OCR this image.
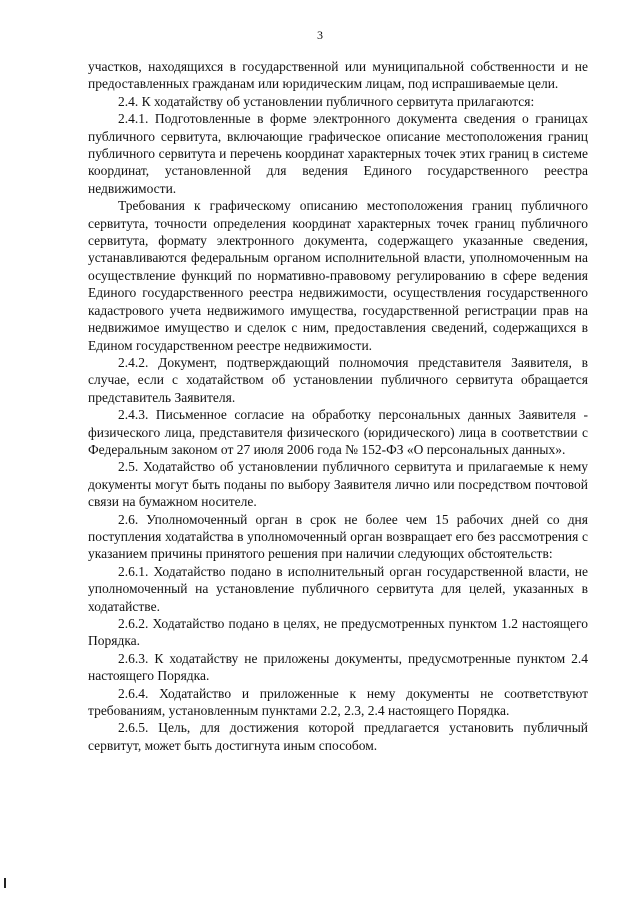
3

участков, находящихся в государственной или муниципальной собственности и не предоставленных гражданам или юридическим лицам, под испрашиваемые цели.

2.4. К ходатайству об установлении публичного сервитута прилагаются:

2.4.1. Подготовленные в форме электронного документа сведения о границах публичного сервитута, включающие графическое описание местоположения границ публичного сервитута и перечень координат характерных точек этих границ в системе координат, установленной для ведения Единого государственного реестра недвижимости.

Требования к графическому описанию местоположения границ публичного сервитута, точности определения координат характерных точек границ публичного сервитута, формату электронного документа, содержащего указанные сведения, устанавливаются федеральным органом исполнительной власти, уполномоченным на осуществление функций по нормативно-правовому регулированию в сфере ведения Единого государственного реестра недвижимости, осуществления государственного кадастрового учета недвижимого имущества, государственной регистрации прав на недвижимое имущество и сделок с ним, предоставления сведений, содержащихся в Едином государственном реестре недвижимости.

2.4.2. Документ, подтверждающий полномочия представителя Заявителя, в случае, если с ходатайством об установлении публичного сервитута обращается представитель Заявителя.

2.4.3. Письменное согласие на обработку персональных данных Заявителя - физического лица, представителя физического (юридического) лица в соответствии с Федеральным законом от 27 июля 2006 года № 152-ФЗ «О персональных данных».

2.5. Ходатайство об установлении публичного сервитута и прилагаемые к нему документы могут быть поданы по выбору Заявителя лично или посредством почтовой связи на бумажном носителе.

2.6. Уполномоченный орган в срок не более чем 15 рабочих дней со дня поступления ходатайства в уполномоченный орган возвращает его без рассмотрения с указанием причины принятого решения при наличии следующих обстоятельств:

2.6.1. Ходатайство подано в исполнительный орган государственной власти, не уполномоченный на установление публичного сервитута для целей, указанных в ходатайстве.

2.6.2. Ходатайство подано в целях, не предусмотренных пунктом 1.2 настоящего Порядка.

2.6.3. К ходатайству не приложены документы, предусмотренные пунктом 2.4 настоящего Порядка.

2.6.4. Ходатайство и приложенные к нему документы не соответствуют требованиям, установленным пунктами 2.2, 2.3, 2.4 настоящего Порядка.

2.6.5. Цель, для достижения которой предлагается установить публичный сервитут, может быть достигнута иным способом.
